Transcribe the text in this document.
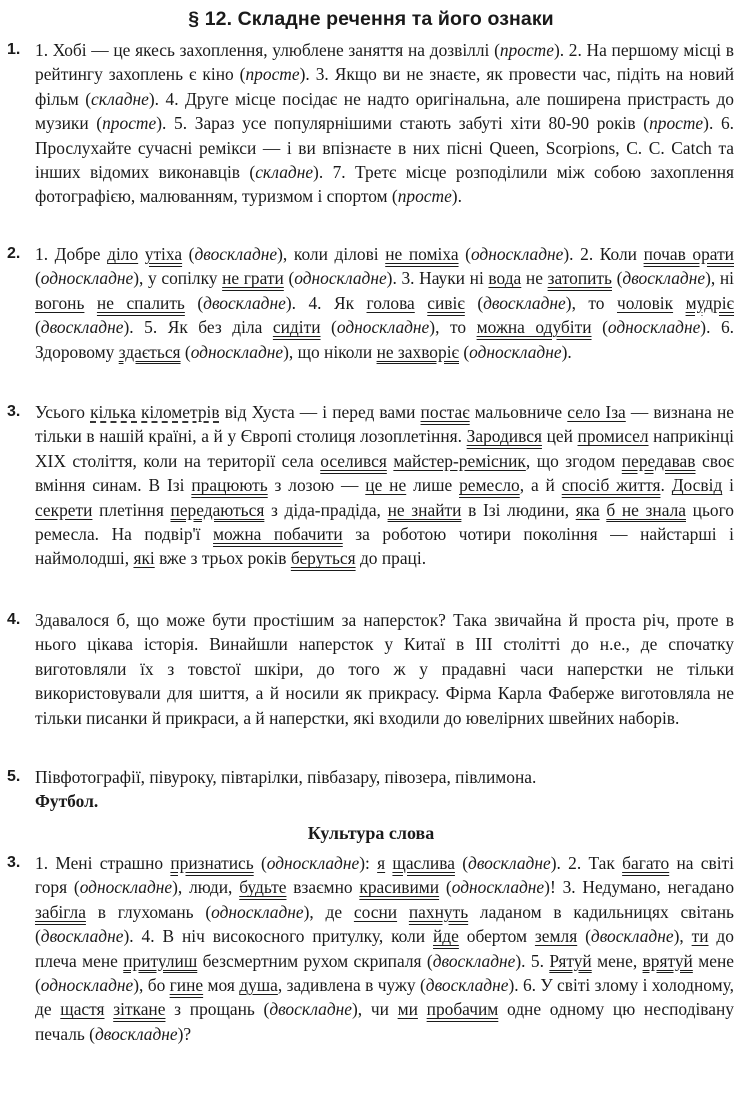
§ 12. Складне речення та його ознаки
1. 1. Хобі — це якесь захоплення, улюблене заняття на дозвіллі (просте). 2. На першому місці в рейтингу захоплень є кіно (просте). 3. Якщо ви не знаєте, як провести час, підіть на новий фільм (складне). 4. Друге місце посідає не надто оригінальна, але поширена пристрасть до музики (просте). 5. Зараз усе популярнішими стають забуті хіти 80-90 років (просте). 6. Прослухайте сучасні ремікси — і ви впізнаєте в них пісні Queen, Scorpions, С. С. Catch та інших відомих виконавців (складне). 7. Третє місце розподілили між собою захоплення фотографією, малюванням, туризмом і спортом (просте).
2. 1. Добре діло утіха (двоскладне), коли ділові не поміха (односкладне). 2. Коли почав орати (односкладне), у сопілку не грати (односкладне). 3. Науки ні вода не затопить (двоскладне), ні вогонь не спалить (двоскладне). 4. Як голова сивіє (двоскладне), то чоловік мудріє (двоскладне). 5. Як без діла сидіти (односкладне), то можна одубіти (односкладне). 6. Здоровому здається (односкладне), що ніколи не захворіє (односкладне).
3. Усього кілька кілометрів від Хуста — і перед вами постає мальовниче село Іза — визнана не тільки в нашій країні, а й у Європі столиця лозоплетіння. Зародився цей промисел наприкінці XIX століття, коли на території села оселився майстер-ремісник, що згодом передавав своє вміння синам. В Ізі працюють з лозою — це не лише ремесло, а й спосіб життя. Досвід і секрети плетіння передаються з діда-прадіда, не знайти в Ізі людини, яка б не знала цього ремесла. На подвір'ї можна побачити за роботою чотири покоління — найстарші і наймолодші, які вже з трьох років беруться до праці.
4. Здавалося б, що може бути простішим за наперсток? Така звичайна й проста річ, проте в нього цікава історія. Винайшли наперсток у Китаї в III столітті до н.е., де спочатку виготовляли їх з товстої шкіри, до того ж у прадавні часи наперстки не тільки використовували для шиття, а й носили як прикрасу. Фірма Карла Фаберже виготовляла не тільки писанки й прикраси, а й наперстки, які входили до ювелірних швейних наборів.
5. Півфотографії, півуроку, півтарілки, півбазару, півозера, півлимона.
Футбол.
Культура слова
3. 1. Мені страшно признатись (односкладне): я щаслива (двоскладне). 2. Так багато на світі горя (односкладне), люди, будьте взаємно красивими (односкладне)! 3. Недумано, негадано забігла в глухомань (односкладне), де сосни пахнуть ладаном в кадильницях світань (двоскладне). 4. В ніч високосного притулку, коли йде обертом земля (двоскладне), ти до плеча мене притулиш безсмертним рухом скрипаля (двоскладне). 5. Рятуй мене, врятуй мене (односкладне), бо гине моя душа, задивлена в чужу (двоскладне). 6. У світі злому і холодному, де щастя зіткане з прощань (двоскладне), чи ми пробачим одне одному цю несподівану печаль (двоскладне)?
